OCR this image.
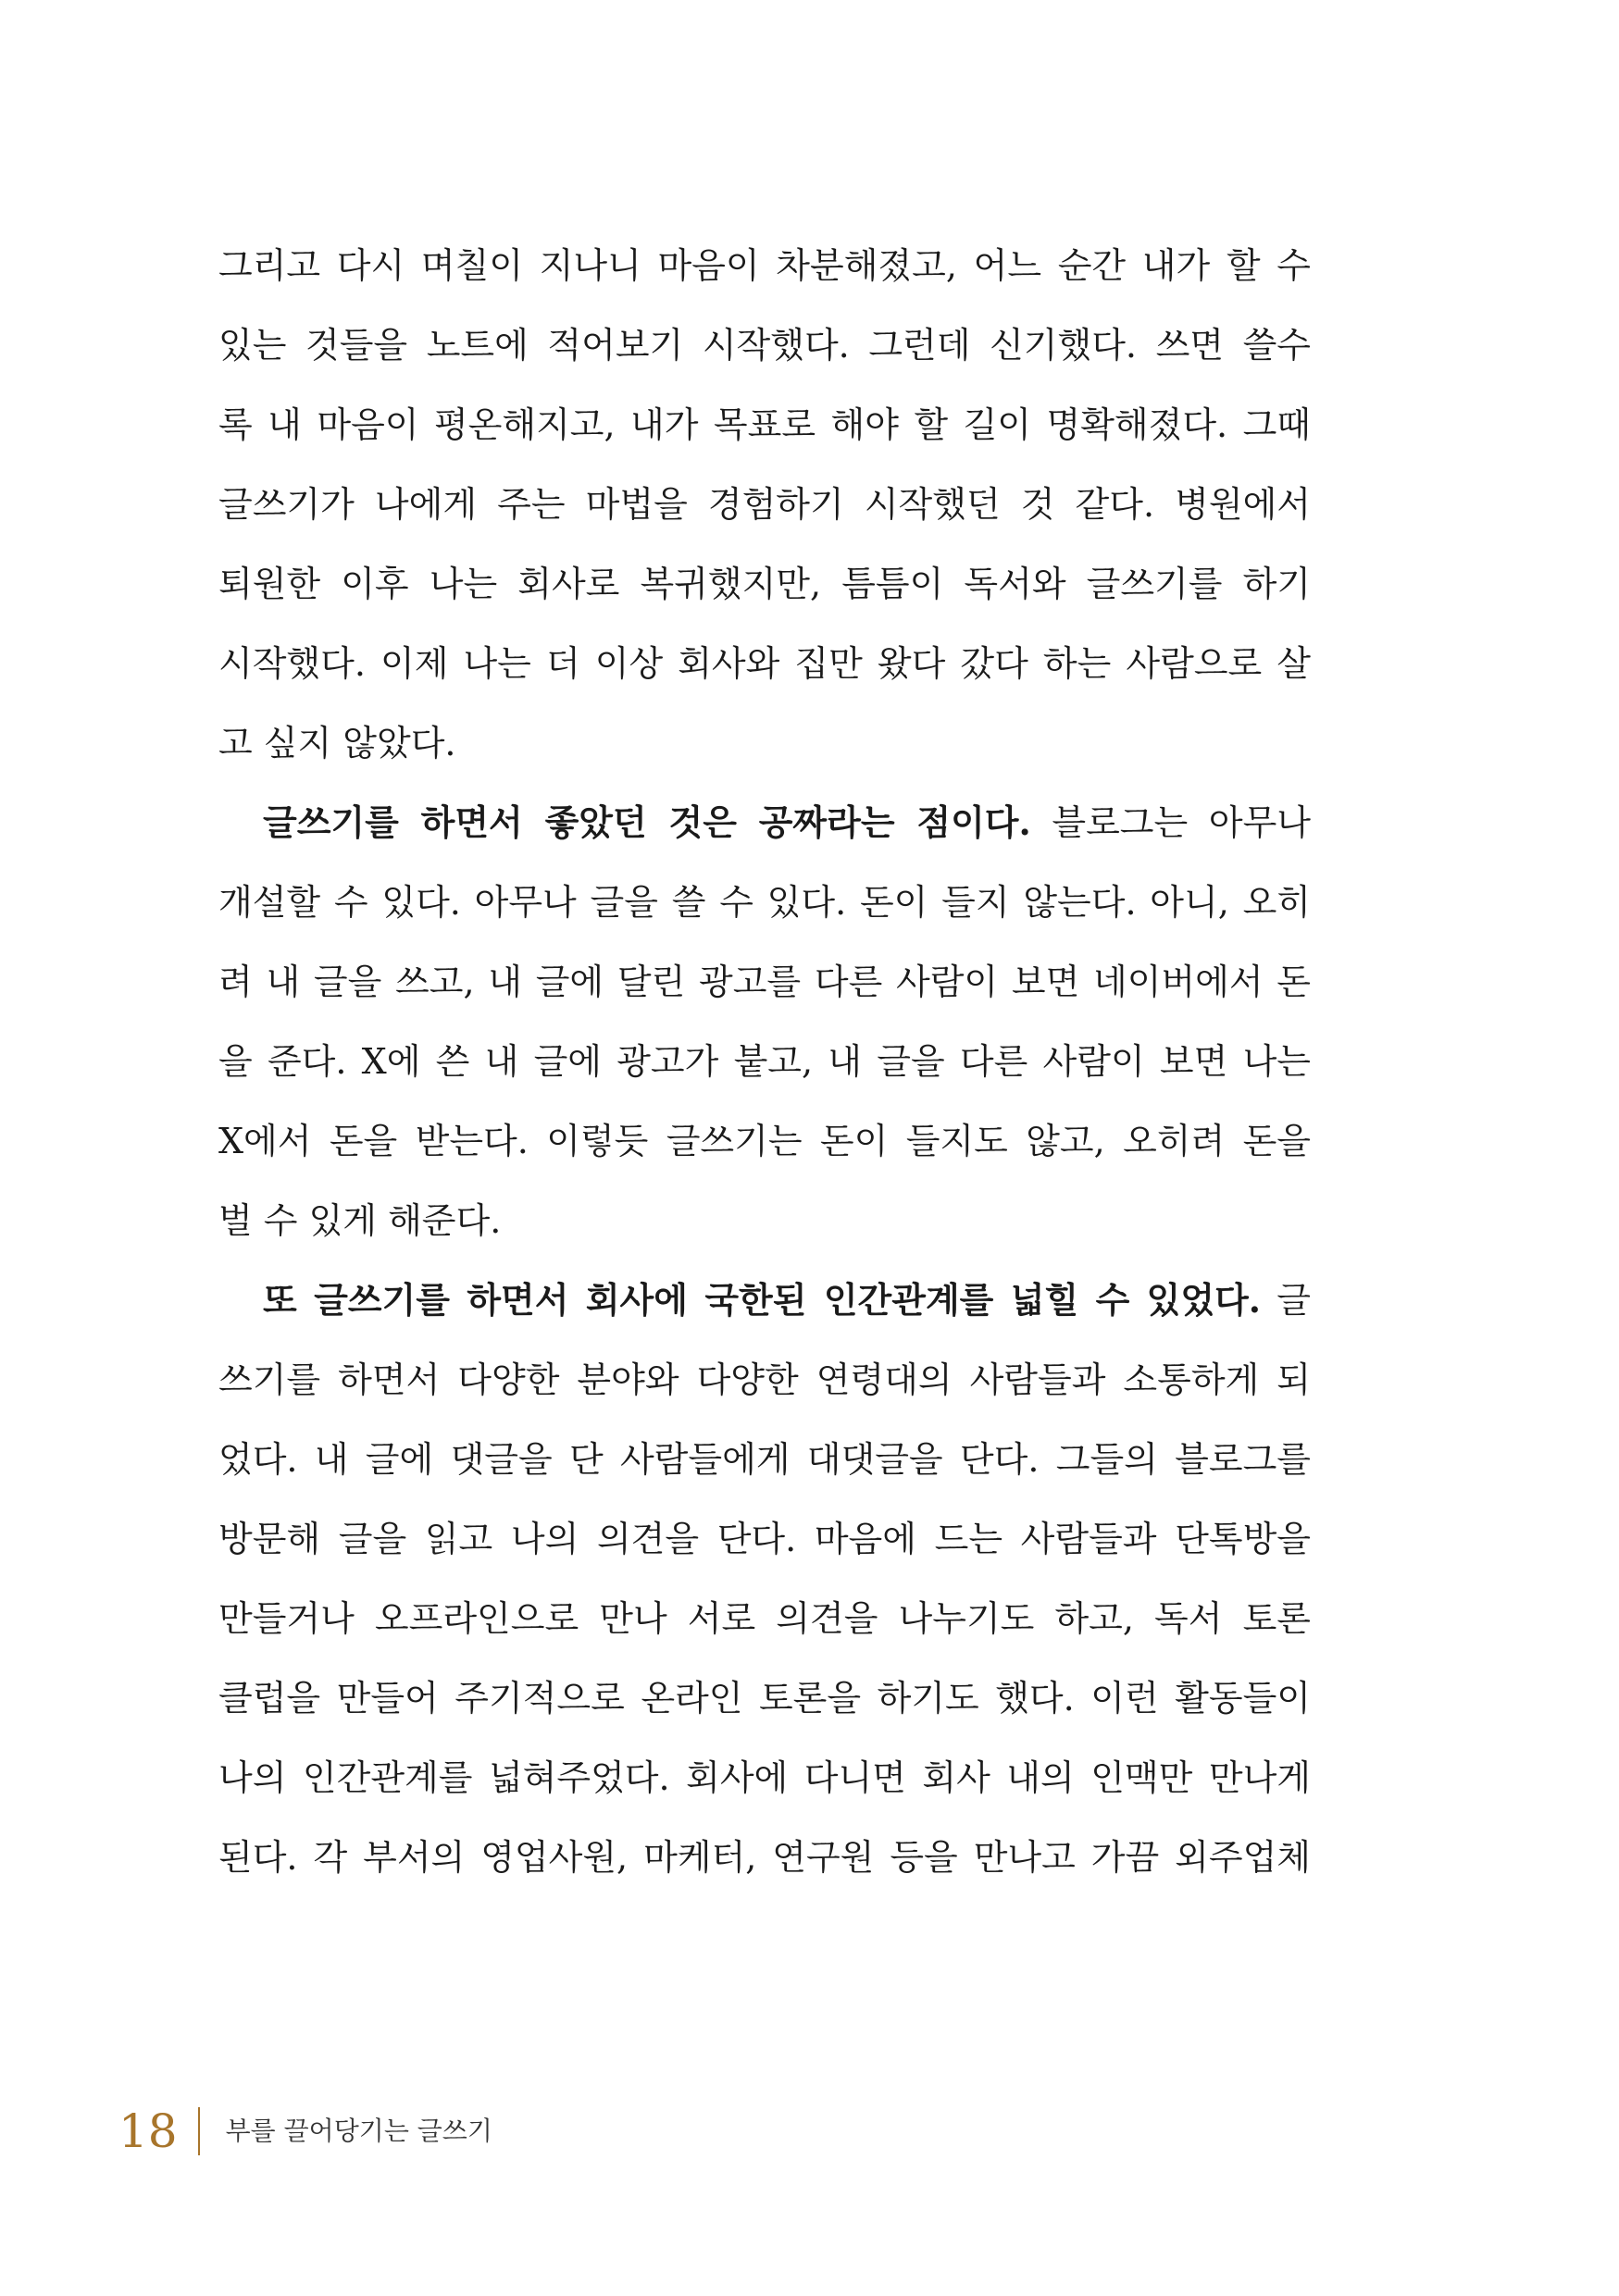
그리고 다시 며칠이 지나니 마음이 차분해졌고, 어느 순간 내가 할 수
있는 것들을 노트에 적어보기 시작했다. 그런데 신기했다. 쓰면 쓸수
록 내 마음이 평온해지고, 내가 목표로 해야 할 길이 명확해졌다. 그때
글쓰기가 나에게 주는 마법을 경험하기 시작했던 것 같다. 병원에서
퇴원한 이후 나는 회사로 복귀했지만, 틈틈이 독서와 글쓰기를 하기
시작했다. 이제 나는 더 이상 회사와 집만 왔다 갔다 하는 사람으로 살
고 싶지 않았다.
글쓰기를 하면서 좋았던 것은 공짜라는 점이다. 블로그는 아무나
개설할 수 있다. 아무나 글을 쓸 수 있다. 돈이 들지 않는다. 아니, 오히
려 내 글을 쓰고, 내 글에 달린 광고를 다른 사람이 보면 네이버에서 돈
을 준다. X에 쓴 내 글에 광고가 붙고, 내 글을 다른 사람이 보면 나는
X에서 돈을 받는다. 이렇듯 글쓰기는 돈이 들지도 않고, 오히려 돈을
벌 수 있게 해준다.
또 글쓰기를 하면서 회사에 국한된 인간관계를 넓힐 수 있었다. 글
쓰기를 하면서 다양한 분야와 다양한 연령대의 사람들과 소통하게 되
었다. 내 글에 댓글을 단 사람들에게 대댓글을 단다. 그들의 블로그를
방문해 글을 읽고 나의 의견을 단다. 마음에 드는 사람들과 단톡방을
만들거나 오프라인으로 만나 서로 의견을 나누기도 하고, 독서 토론
클럽을 만들어 주기적으로 온라인 토론을 하기도 했다. 이런 활동들이
나의 인간관계를 넓혀주었다. 회사에 다니면 회사 내의 인맥만 만나게
된다. 각 부서의 영업사원, 마케터, 연구원 등을 만나고 가끔 외주업체
18 부를 끌어당기는 글쓰기
